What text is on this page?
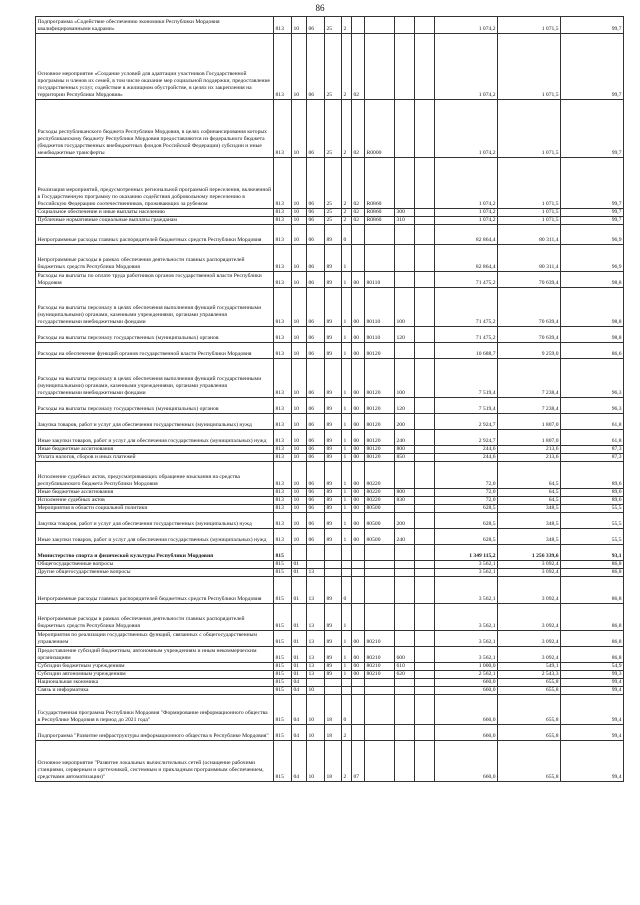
86
Подпрограмма «Содействие обеспечению экономики Республики Мордовия квалифицированными кадрами»	813	10	06	25	2					1 074,2	1 071,5	99,7
Основное мероприятие «Создание условий для адаптации участников Государственной программы и членов их семей, в том числе оказание мер социальной поддержки, предоставление государственных услуг, содействие в жилищном обустройстве, в целях их закрепления на территории Республики Мордовия»	813	10	06	25	2	02				1 074,2	1 071,5	99,7
Расходы республиканского бюджета Республики Мордовия, в целях софинансирования которых республиканскому бюджету Республики Мордовия предоставляются из федерального бюджета (бюджетов государственных внебюджетных фондов Российской Федерации) субсидии и иные межбюджетные трансферты	813	10	06	25	2	02	R0000			1 074,2	1 071,5	99,7
Реализация мероприятий, предусмотренных региональной программой переселения, включенной в Государственную программу по оказанию содействия добровольному переселению в Российскую Федерацию соотечественников, проживающих за рубежом	813	10	06	25	2	02	R0860			1 074,2	1 071,5	99,7
Социальное обеспечение и иные выплаты населению	813	10	06	25	2	02	R0860	300		1 074,2	1 071,5	99,7
Публичные нормативные социальные выплаты гражданам	813	10	06	25	2	02	R0860	310		1 074,2	1 071,5	99,7
Непрограммные расходы главных распорядителей бюджетных средств Республики Мордовия	813	10	06	89	0					82 864,4	80 311,4	96,9
Непрограммные расходы в рамках обеспечения деятельности главных распорядителей бюджетных средств Республики Мордовия	813	10	06	89	1					82 864,4	80 311,4	96,9
Расходы на выплаты по оплате труда работников органов государственной власти Республики Мордовия	813	10	06	89	1	00	80110			71 475,2	70 639,4	98,8
Расходы на выплаты персоналу в целях обеспечения выполнения функций государственными (муниципальными) органами, казенными учреждениями, органами управления государственными внебюджетными фондами	813	10	06	89	1	00	80110	100		71 475,2	70 639,4	98,8
Расходы на выплаты персоналу государственных (муниципальных) органов	813	10	06	89	1	00	80110	120		71 475,2	70 639,4	98,8
Расходы на обеспечение функций органов государственной власти Республики Мордовия	813	10	06	89	1	00	80120			10 688,7	9 259,0	86,6
Расходы на выплаты персоналу в целях обеспечения выполнения функций государственными (муниципальными) органами, казенными учреждениями, органами управления государственными внебюджетными фондами	813	10	06	89	1	00	80120	100		7 519,4	7 238,4	96,3
Расходы на выплаты персоналу государственных (муниципальных) органов	813	10	06	89	1	00	80120	120		7 519,4	7 238,4	96,3
Закупка товаров, работ и услуг для обеспечения государственных (муниципальных) нужд	813	10	06	89	1	00	80120	200		2 924,7	1 807,0	61,8
Иные закупки товаров, работ и услуг для обеспечения государственных (муниципальных) нужд	813	10	06	89	1	00	80120	240		2 924,7	1 807,0	61,8
Иные бюджетные ассигнования	813	10	06	89	1	00	80120	800		244,6	213,6	87,3
Уплата налогов, сборов и иных платежей	813	10	06	89	1	00	80120	850		244,6	213,6	87,3
Исполнение судебных актов, предусматривающих обращение взыскания на средства республиканского бюджета Республики Мордовия	813	10	06	89	1	00	80220			72,0	64,5	89,6
Иные бюджетные ассигнования	813	10	06	89	1	00	80220	800		72,0	64,5	89,6
Исполнение судебных актов	813	10	06	89	1	00	80220	830		72,0	64,5	89,6
Мероприятия в области социальной политики	813	10	06	89	1	00	80500			628,5	348,5	55,5
Закупка товаров, работ и услуг для обеспечения государственных (муниципальных) нужд	813	10	06	89	1	00	80500	200		628,5	348,5	55,5
Иные закупки товаров, работ и услуг для обеспечения государственных (муниципальных) нужд	813	10	06	89	1	00	80500	240		628,5	348,5	55,5
Министерство спорта и физической культуры Республики Мордовия	815									1 349 115,2	1 256 339,6	93,1
Общегосударственные вопросы	815	01								3 562,1	3 092,4	86,8
Другие общегосударственные вопросы	815	01	13							3 562,1	3 092,4	86,8
Непрограммные расходы главных распорядителей бюджетных средств Республики Мордовия	815	01	13	89	0					3 562,1	3 092,4	86,8
Непрограммные расходы в рамках обеспечения деятельности главных распорядителей бюджетных средств Республики Мордовия	815	01	13	89	1					3 562,1	3 092,4	86,8
Мероприятия по реализации государственных функций, связанных с общегосударственным управлением	815	01	13	89	1	00	80210			3 562,1	3 092,4	86,8
Предоставление субсидий бюджетным, автономным учреждениям и иным некоммерческим организациям	815	01	13	89	1	00	80210	600		3 562,1	3 092,4	86,8
Субсидии бюджетным учреждениям	815	01	13	89	1	00	80210	610		1 000,0	549,1	54,9
Субсидии автономным учреждениям	815	01	13	89	1	00	80210	620		2 562,1	2 543,3	99,3
Национальная экономика	815	04								660,0	655,8	99,4
Связь и информатика	815	04	10							660,0	655,8	99,4
Государственная программа Республики Мордовия "Формирование информационного общества в Республике Мордовия в период до 2021 года"	815	04	10	18	0					660,0	655,8	99,4
Подпрограмма "Развитие инфраструктуры информационного общества в Республике Мордовия"	815	04	10	18	2					660,0	655,8	99,4
Основное мероприятие "Развитие локальных вычислительных сетей (оснащение рабочими станциями, серверным и оргтехникой, системным и прикладным программным обеспечением, средствами автоматизации)"	815	04	10	18	2	07				660,0	655,8	99,4
